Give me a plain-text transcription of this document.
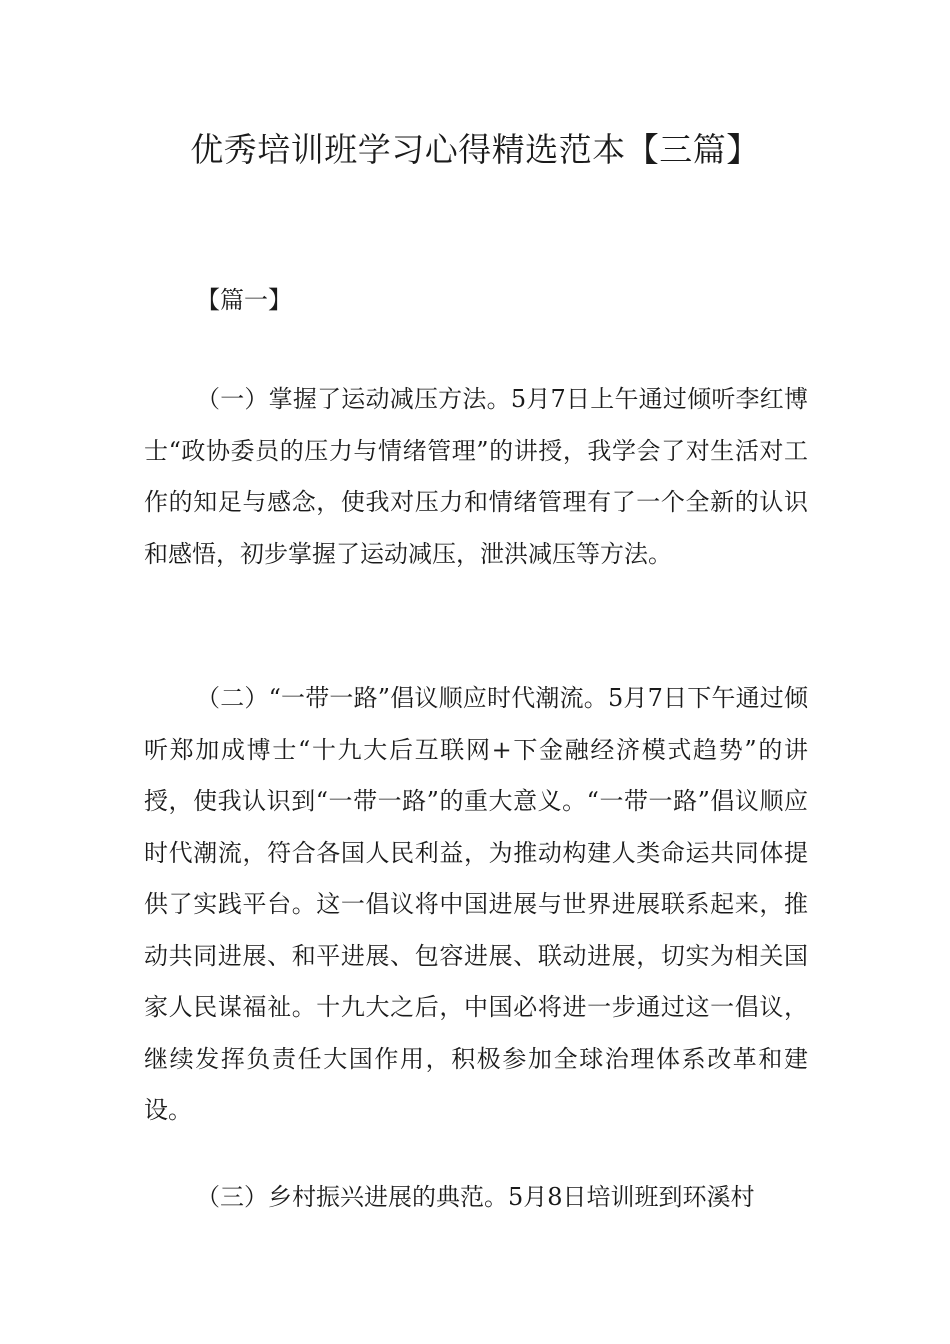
优秀培训班学习心得精选范本【三篇】

【篇一】

（一）掌握了运动减压方法。5月7日上午通过倾听李红博士“政协委员的压力与情绪管理”的讲授，我学会了对生活对工作的知足与感念，使我对压力和情绪管理有了一个全新的认识和感悟，初步掌握了运动减压，泄洪减压等方法。

（二）“一带一路”倡议顺应时代潮流。5月7日下午通过倾听郑加成博士“十九大后互联网+下金融经济模式趋势”的讲授，使我认识到“一带一路”的重大意义。“一带一路”倡议顺应时代潮流，符合各国人民利益，为推动构建人类命运共同体提供了实践平台。这一倡议将中国进展与世界进展联系起来，推动共同进展、和平进展、包容进展、联动进展，切实为相关国家人民谋福祉。十九大之后，中国必将进一步通过这一倡议，继续发挥负责任大国作用，积极参加全球治理体系改革和建设。

（三）乡村振兴进展的典范。5月8日培训班到环溪村
